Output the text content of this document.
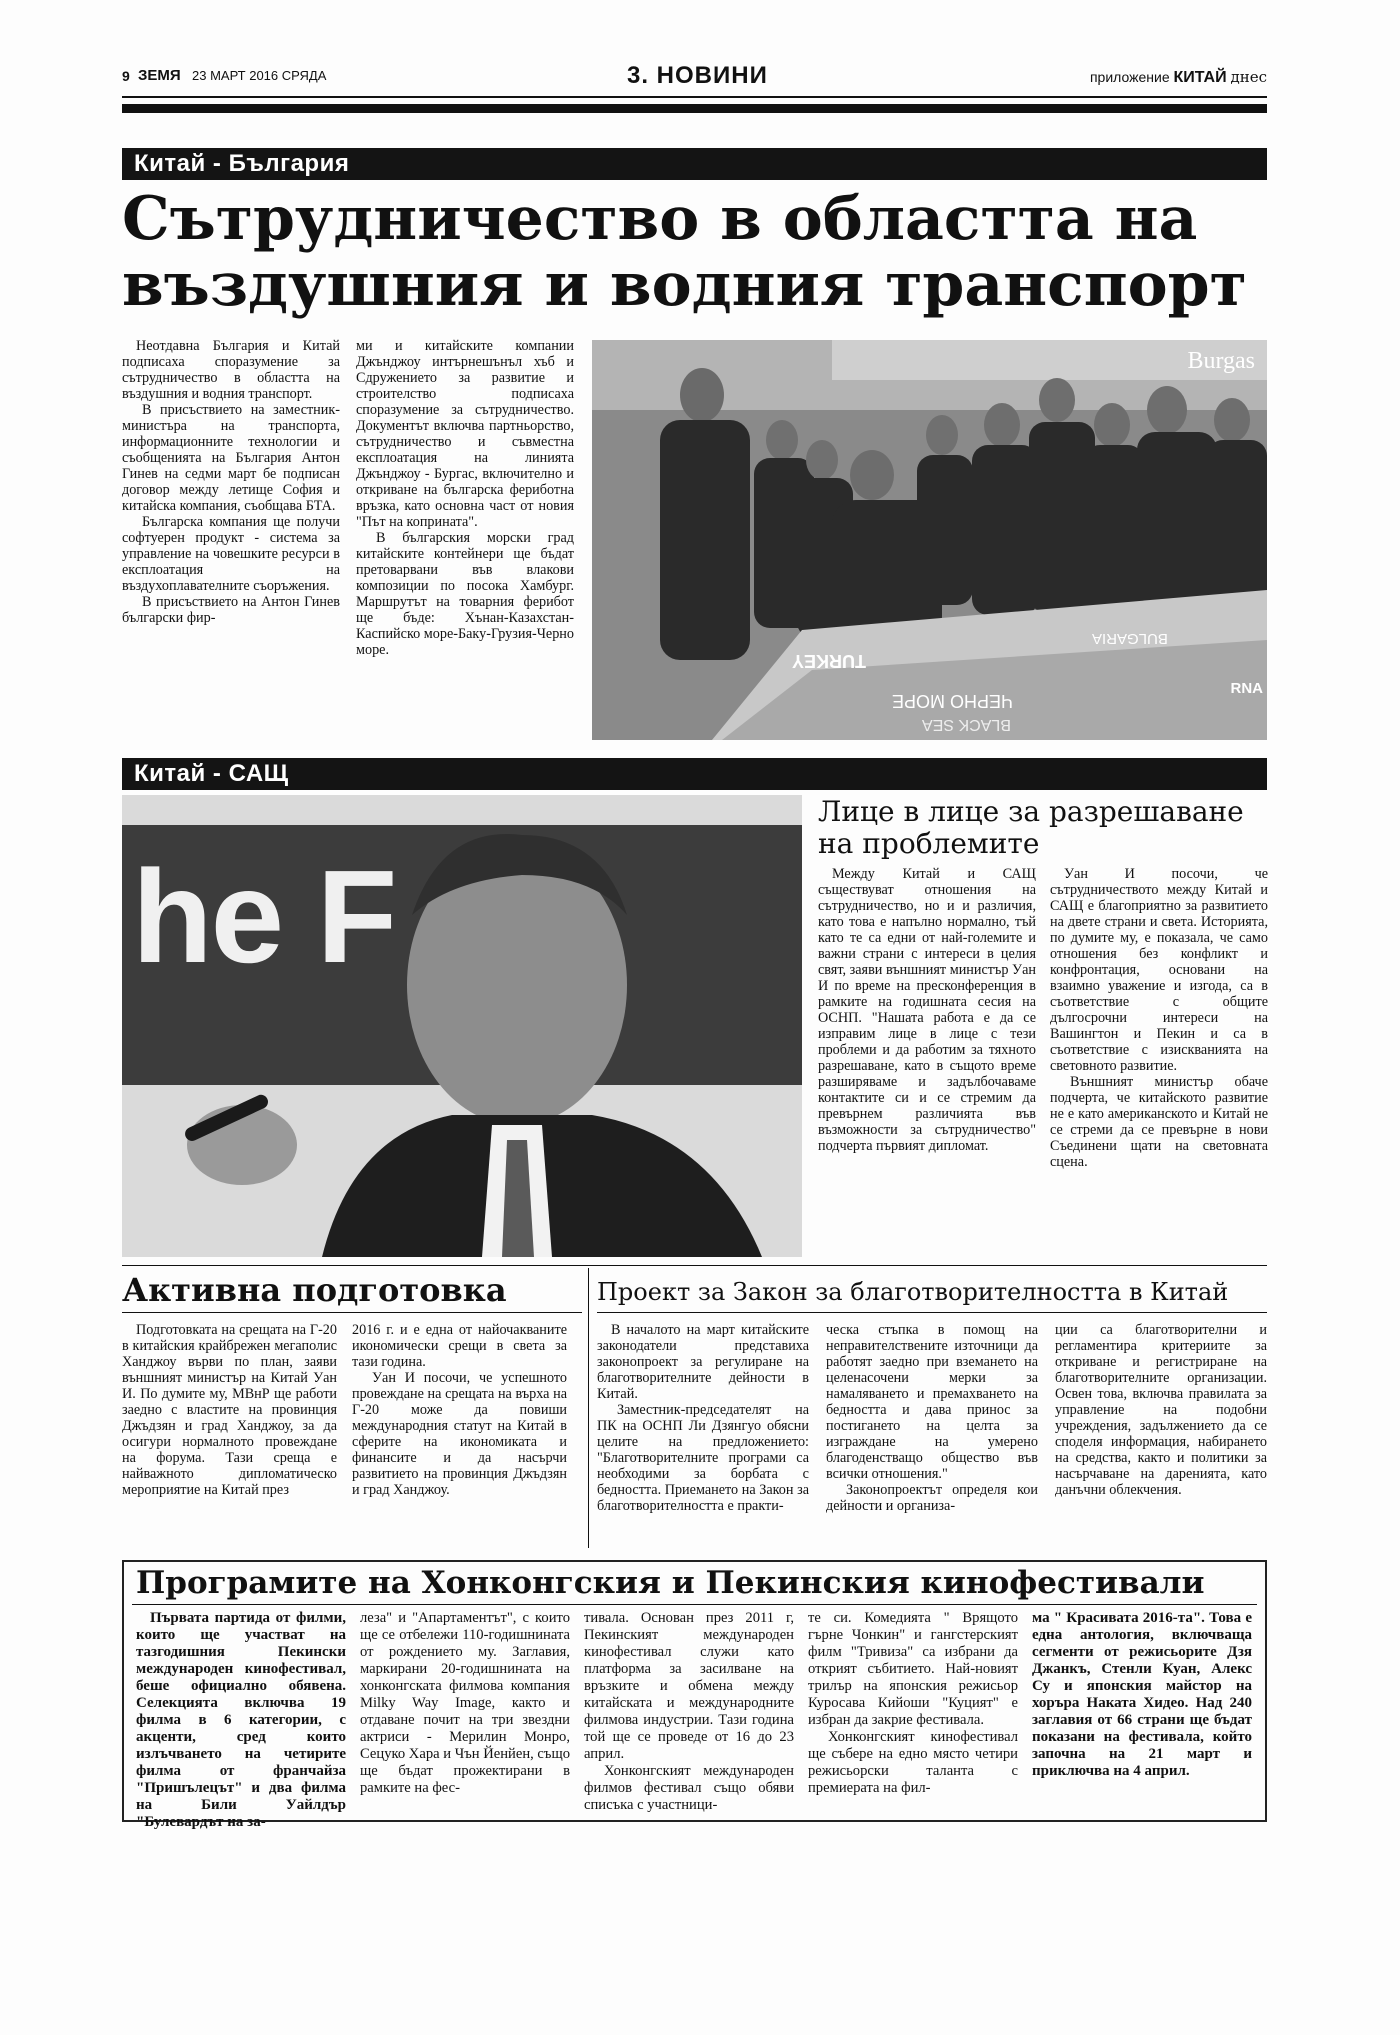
9 ЗЕМЯ 23 МАРТ 2016 СРЯДА	3. НОВИНИ	приложение КИТАЙ днес
Китай - България
Сътрудничество в областта на
въздушния и водния транспорт

Неотдавна България и Китай подписаха споразумение за сътрудничество в областта на въздушния и водния транспорт.

В присъствието на заместник-министъра на транспорта, информационните технологии и съобщенията на България Антон Гинев на седми март бе подписан договор между летище София и китайска компания, съобщава БТА.

Българска компания ще получи софтуерен продукт - система за управление на човешките ресурси в експлоатация на въздухоплавателните съоръжения.

В присъствието на Антон Гинев български фир-

ми и китайските компании Джънджоу интърнешънъл хъб и Сдружението за развитие и строителство подписаха споразумение за сътрудничество. Документът включва партньорство, сътрудничество и съвместна експлоатация на линията Джънджоу - Бургас, включително и откриване на българска фериботна връзка, като основна част от новия "Път на коприната".

В българския морски град китайските контейнери ще бъдат претоварвани във влакови композиции по посока Хамбург. Маршрутът на товарния ферибот ще бъде: Хънан-Казахстан-Каспийско море-Баку-Грузия-Черно море.

Burgas
TURKEY
ЧЕРНО МОРЕ
BLACK SEA
BULGARIA
RNA
Китай - САЩ
he F
Лице в лице за разрешаване
на проблемите

Между Китай и САЩ съществуват отношения на сътрудничество, но и и различия, като това е напълно нормално, тъй като те са едни от най-големите и важни страни с интереси в целия свят, заяви външният министър Уан И по време на пресконференция в рамките на годишната сесия на ОСНП. "Нашата работа е да се изправим лице в лице с тези проблеми и да работим за тяхното разрешаване, като в същото време разширяваме и задълбочаваме контактите си и се стремим да превърнем различията във възможности за сътрудничество" подчерта първият дипломат.

Уан И посочи, че сътрудничеството между Китай и САЩ е благоприятно за развитието на двете страни и света. Историята, по думите му, е показала, че само отношения без конфликт и конфронтация, основани на взаимно уважение и изгода, са в съответствие с общите дългосрочни интереси на Вашингтон и Пекин и са в съответствие с изискванията на световното развитие.

Външният министър обаче подчерта, че китайското развитие не е като американското и Китай не се стреми да се превърне в нови Съединени щати на световната сцена.

Активна подготовка

Подготовката на срещата на Г-20 в китайския крайбрежен мегаполис Ханджоу върви по план, заяви външният министър на Китай Уан И. По думите му, МВнР ще работи заедно с властите на провинция Джъдзян и град Ханджоу, за да осигури нормалното провеждане на форума. Тази среща е найважното дипломатическо мероприятие на Китай през

2016 г. и е една от найочакваните икономически срещи в света за тази година.

Уан И посочи, че успешното провеждане на срещата на върха на Г-20 може да повиши международния статут на Китай в сферите на икономиката и финансите и да насърчи развитието на провинция Джъдзян и град Ханджоу.

Проект за Закон за благотворителността в Китай

В началото на март китайските законодатели представиха законопроект за регулиране на благотворителните дейности в Китай.

Заместник-председателят на ПК на ОСНП Ли Дзянгуо обясни целите на предложението: "Благотворителните програми са необходими за борбата с бедността. Приемането на Закон за благотворителността е практи-

ческа стъпка в помощ на неправителствените източници да работят заедно при вземането на целенасочени мерки за намаляването и премахването на бедността и дава принос за постигането на целта за изграждане на умерено благоденстващо общество във всички отношения."

Законопроектът определя кои дейности и организа-

ции са благотворителни и регламентира критериите за откриване и регистриране на благотворителните организации. Освен това, включва правилата за управление на подобни учреждения, задължението да се споделя информация, набирането на средства, както и политики за насърчаване на даренията, като данъчни облекчения.

Програмите на Хонконгския и Пекинския кинофестивали

Първата партида от филми, които ще участват на тазгодишния Пекински международен кинофестивал, беше официално обявена. Селекцията включва 19 филма в 6 категории, с акценти, сред които излъчването на четирите филма от франчайза "Пришълецът" и два филма на Били Уайлдър "Булевардът на за-

леза" и "Апартаментът", с които ще се отбележи 110-годишнината от рождението му. Заглавия, маркирани 20-годишнината на хонконгската филмова компания Milky Way Image, както и отдаване почит на три звездни актриси - Мерилин Монро, Сецуко Хара и Чън Йенйен, също ще бъдат прожектирани в рамките на фес-

тивала. Основан през 2011 г, Пекинският международен кинофестивал служи като платформа за засилване на връзките и обмена между китайската и международните филмова индустрии. Тази година той ще се проведе от 16 до 23 април.

Хонконгският международен филмов фестивал също обяви списъка с участници-

те си. Комедията " Врящото гърне Чонкин" и гангстерският филм "Тривиза" са избрани да открият събитието. Най-новият трилър на японския режисьор Куросава Кийоши "Куцият" е избран да закрие фестивала.

Хонконгският кинофестивал ще събере на едно място четири режисьорски таланта с премиерата на фил-

ма " Красивата 2016-та". Това е една антология, включваща сегменти от режисьорите Дзя Джанкъ, Стенли Куан, Алекс Су и японския майстор на хоръра Наката Хидео. Над 240 заглавия от 66 страни ще бъдат показани на фестивала, който започна на 21 март и приключва на 4 април.
